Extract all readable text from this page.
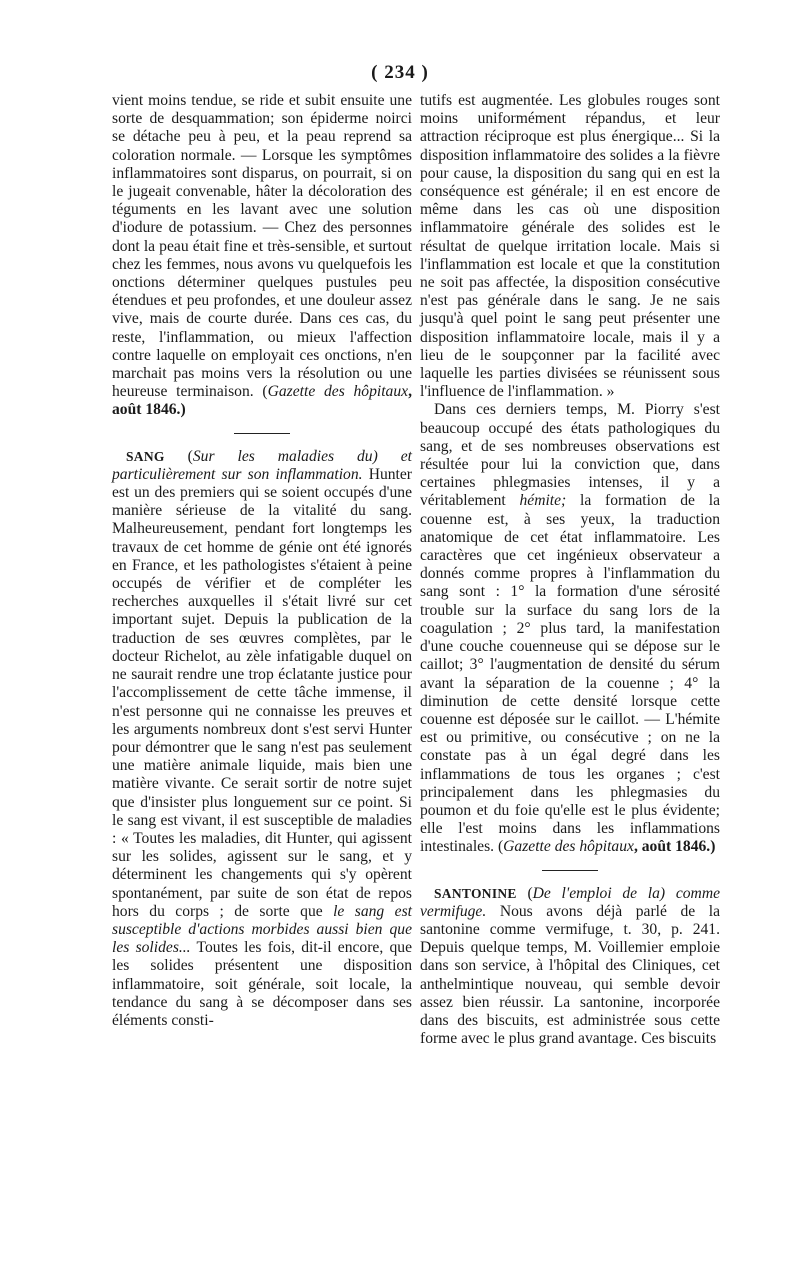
( 234 )

vient moins tendue, se ride et subit ensuite une sorte de desquammation; son épiderme noirci se détache peu à peu, et la peau reprend sa coloration normale. — Lorsque les symptômes inflammatoires sont disparus, on pourrait, si on le jugeait convenable, hâter la décoloration des téguments en les lavant avec une solution d'iodure de potassium. — Chez des personnes dont la peau était fine et très-sensible, et surtout chez les femmes, nous avons vu quelquefois les onctions déterminer quelques pustules peu étendues et peu profondes, et une douleur assez vive, mais de courte durée. Dans ces cas, du reste, l'inflammation, ou mieux l'affection contre laquelle on employait ces onctions, n'en marchait pas moins vers la résolution ou une heureuse terminaison. (Gazette des hôpitaux, août 1846.)

SANG (Sur les maladies du) et particulièrement sur son inflammation. Hunter est un des premiers qui se soient occupés d'une manière sérieuse de la vitalité du sang. Malheureusement, pendant fort longtemps les travaux de cet homme de génie ont été ignorés en France, et les pathologistes s'étaient à peine occupés de vérifier et de compléter les recherches auxquelles il s'était livré sur cet important sujet. Depuis la publication de la traduction de ses œuvres complètes, par le docteur Richelot, au zèle infatigable duquel on ne saurait rendre une trop éclatante justice pour l'accomplissement de cette tâche immense, il n'est personne qui ne connaisse les preuves et les arguments nombreux dont s'est servi Hunter pour démontrer que le sang n'est pas seulement une matière animale liquide, mais bien une matière vivante. Ce serait sortir de notre sujet que d'insister plus longuement sur ce point. Si le sang est vivant, il est susceptible de maladies : « Toutes les maladies, dit Hunter, qui agissent sur les solides, agissent sur le sang, et y déterminent les changements qui s'y opèrent spontanément, par suite de son état de repos hors du corps ; de sorte que le sang est susceptible d'actions morbides aussi bien que les solides... Toutes les fois, dit-il encore, que les solides présentent une disposition inflammatoire, soit générale, soit locale, la tendance du sang à se décomposer dans ses éléments consti-

tutifs est augmentée. Les globules rouges sont moins uniformément répandus, et leur attraction réciproque est plus énergique... Si la disposition inflammatoire des solides a la fièvre pour cause, la disposition du sang qui en est la conséquence est générale; il en est encore de même dans les cas où une disposition inflammatoire générale des solides est le résultat de quelque irritation locale. Mais si l'inflammation est locale et que la constitution ne soit pas affectée, la disposition consécutive n'est pas générale dans le sang. Je ne sais jusqu'à quel point le sang peut présenter une disposition inflammatoire locale, mais il y a lieu de le soupçonner par la facilité avec laquelle les parties divisées se réunissent sous l'influence de l'inflammation. »

Dans ces derniers temps, M. Piorry s'est beaucoup occupé des états pathologiques du sang, et de ses nombreuses observations est résultée pour lui la conviction que, dans certaines phlegmasies intenses, il y a véritablement hémite; la formation de la couenne est, à ses yeux, la traduction anatomique de cet état inflammatoire. Les caractères que cet ingénieux observateur a donnés comme propres à l'inflammation du sang sont : 1° la formation d'une sérosité trouble sur la surface du sang lors de la coagulation ; 2° plus tard, la manifestation d'une couche couenneuse qui se dépose sur le caillot; 3° l'augmentation de densité du sérum avant la séparation de la couenne ; 4° la diminution de cette densité lorsque cette couenne est déposée sur le caillot. — L'hémite est ou primitive, ou consécutive ; on ne la constate pas à un égal degré dans les inflammations de tous les organes ; c'est principalement dans les phlegmasies du poumon et du foie qu'elle est le plus évidente; elle l'est moins dans les inflammations intestinales. (Gazette des hôpitaux, août 1846.)

SANTONINE (De l'emploi de la) comme vermifuge. Nous avons déjà parlé de la santonine comme vermifuge, t. 30, p. 241. Depuis quelque temps, M. Voillemier emploie dans son service, à l'hôpital des Cliniques, cet anthelmintique nouveau, qui semble devoir assez bien réussir. La santonine, incorporée dans des biscuits, est administrée sous cette forme avec le plus grand avantage. Ces biscuits
